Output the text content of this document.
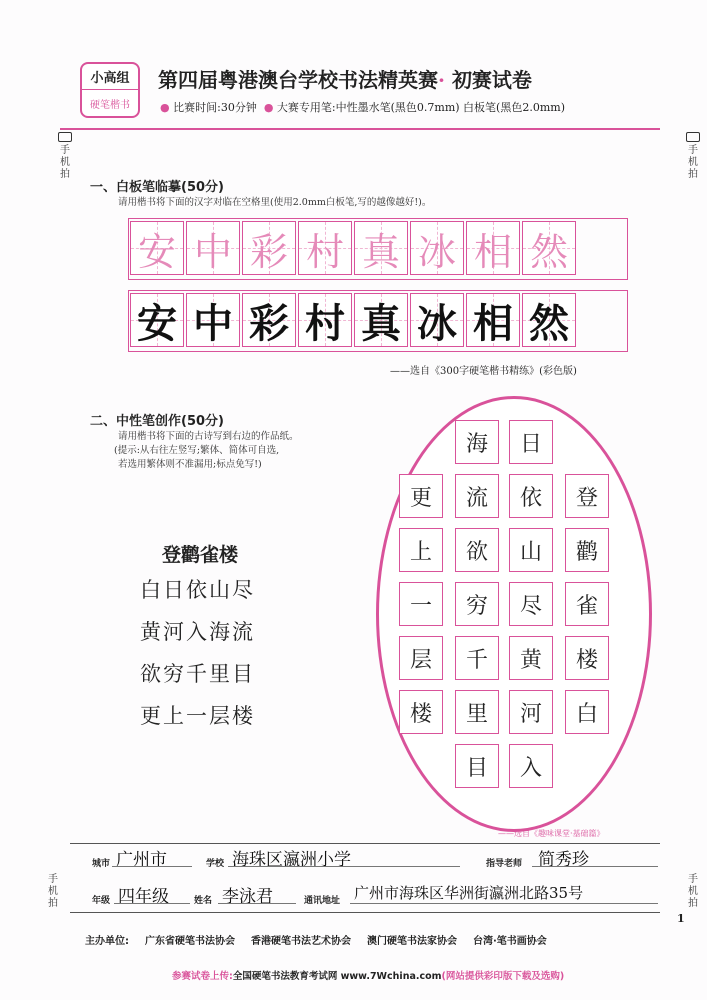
小高组
硬笔楷书
第四届粤港澳台学校书法精英赛· 初赛试卷
● 比赛时间:30分钟 ● 大赛专用笔:中性墨水笔(黑色0.7mm) 白板笔(黑色2.0mm)
手机拍
手机拍
手机拍
手机拍
一、白板笔临摹(50分)
请用楷书将下面的汉字对临在空格里(使用2.0mm白板笔,写的越像越好!)。
安 中 彩 村 真 冰 相 然
安 中 彩 村 真 冰 相 然
——选自《300字硬笔楷书精练》(彩色版)
二、中性笔创作(50分)
请用楷书将下面的古诗写到右边的作品纸。
(提示:从右往左竖写;繁体、简体可自选,
若选用繁体则不准漏用;标点免写!)
登鹳雀楼
白日依山尽
黄河入海流
欲穷千里目
更上一层楼
登
鹳
雀
楼
白
日
依
山
尽
黄
河
入
海
流
欲
穷
千
里
目
更
上
一
层
楼
——选自《趣味课堂·基础篇》
城市 广州市	学校 海珠区瀛洲小学	指导老师 简秀珍
年级 四年级	姓名 李泳君	通讯地址 广州市海珠区华洲街瀛洲北路35号
1
主办单位: 广东省硬笔书法协会 香港硬笔书法艺术协会 澳门硬笔书法家协会 台湾·笔书画协会
参赛试卷上传:全国硬笔书法教育考试网 www.7Wchina.com(网站提供彩印版下载及选购)
